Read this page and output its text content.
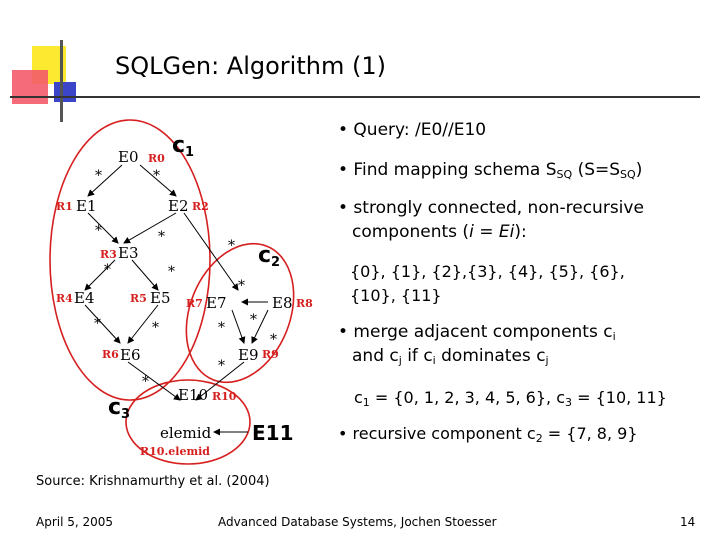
SQLGen: Algorithm (1)
• Query: /E0//E10
• Find mapping schema $S_{SQ}$ $(S=S_{SQ})$
• strongly connected, non-recursive
components (i = Ei):
{0}, {1}, {2},{3}, {4}, {5}, {6},
{10}, {11}
• merge adjacent components $c_i$
and $c_j$ if $c_i$ dominates $c_j$
$c_1 = \{0$, 1, 2, 3, 4, 5, 6}, $c_3 = \{10$, 11}
• recursive component $c_2 = \{7$, 8, 9}
*	*
*	*
*
*	*
*	*
*
* *
*
*
*
E0
E1	E2
E3
E4	E5
E6
E7	E8
E9
E10
elemid
R0
R1	R2
R3
R4	R5
R6
R7	R8
R9
R10
R10.elemid
c1
c2
c3
E11
Source: Krishnamurthy et al. (2004)
April 5, 2005	Advanced Database Systems, Jochen Stoesser	14
